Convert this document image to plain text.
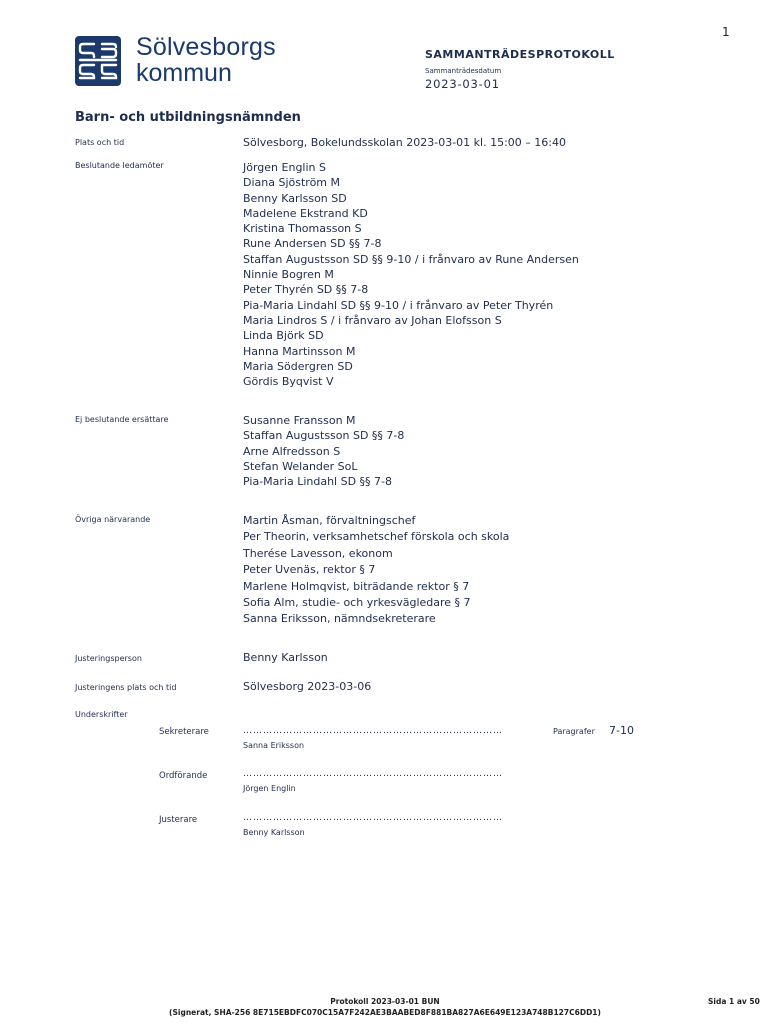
1
Sölvesborgs
kommun
SAMMANTRÄDESPROTOKOLL
Sammanträdesdatum
2023-03-01
Barn- och utbildningsnämnden
Plats och tid	Sölvesborg, Bokelundsskolan 2023-03-01 kl. 15:00 – 16:40
Beslutande ledamöter	Jörgen Englin S
Diana Sjöström M
Benny Karlsson SD
Madelene Ekstrand KD
Kristina Thomasson S
Rune Andersen SD §§ 7-8
Staffan Augustsson SD §§ 9-10 / i frånvaro av Rune Andersen
Ninnie Bogren M
Peter Thyrén SD §§ 7-8
Pia-Maria Lindahl SD §§ 9-10 / i frånvaro av Peter Thyrén
Maria Lindros S / i frånvaro av Johan Elofsson S
Linda Björk SD
Hanna Martinsson M
Maria Södergren SD
Gördis Byqvist V
Ej beslutande ersättare	Susanne Fransson M
Staffan Augustsson SD §§ 7-8
Arne Alfredsson S
Stefan Welander SoL
Pia-Maria Lindahl SD §§ 7-8
Övriga närvarande	Martin Åsman, förvaltningschef
Per Theorin, verksamhetschef förskola och skola
Therése Lavesson, ekonom
Peter Uvenäs, rektor § 7
Marlene Holmqvist, biträdande rektor § 7
Sofia Alm, studie- och yrkesvägledare § 7
Sanna Eriksson, nämndsekreterare
Justeringsperson	Benny Karlsson
Justeringens plats och tid	Sölvesborg 2023-03-06
Underskrifter
Sekreterare	……………………………………………………………………	Paragrafer 7-10
Sanna Eriksson
Ordförande	……………………………………………………………………
Jörgen Englin
Justerare	……………………………………………………………………
Benny Karlsson
Protokoll 2023-03-01 BUN
(Signerat, SHA-256 8E715EBDFC070C15A7F242AE3BAABED8F881BA827A6E649E123A748B127C6DD1)
Sida 1 av 50
